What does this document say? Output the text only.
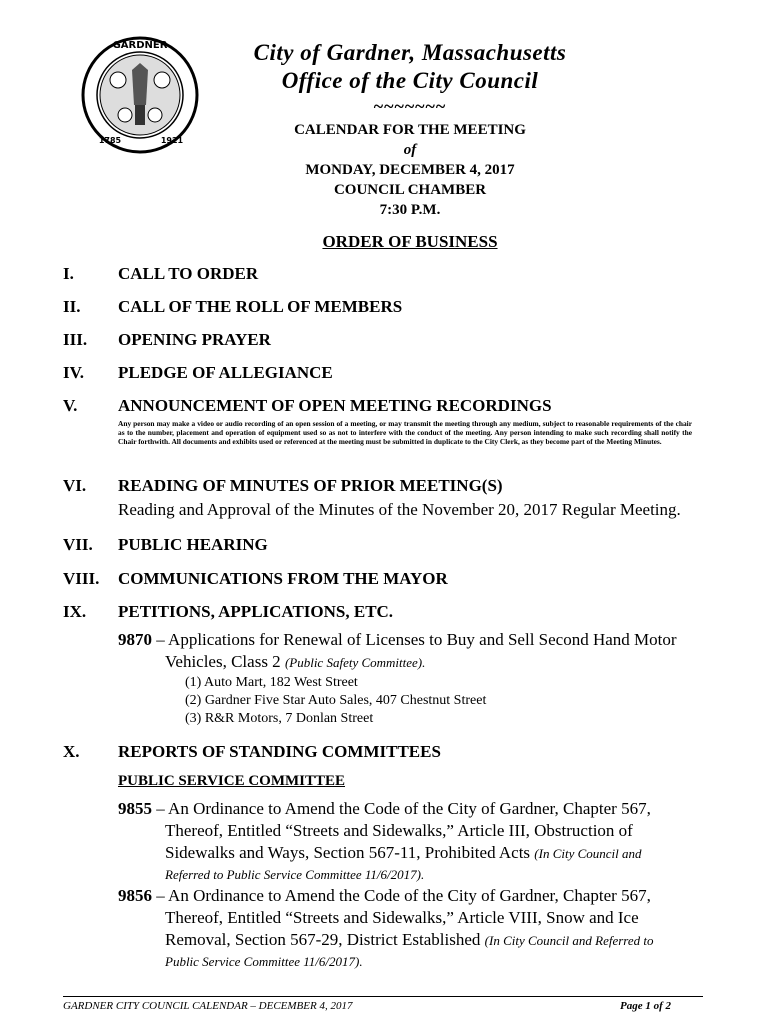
GARDNER
1785	1921
City of Gardner, Massachusetts
Office of the City Council
~~~~~~~
CALENDAR FOR THE MEETING
of
MONDAY, DECEMBER 4, 2017
COUNCIL CHAMBER
7:30 P.M.
ORDER OF BUSINESS
I.	CALL TO ORDER
II. CALL OF THE ROLL OF MEMBERS
III. OPENING PRAYER
IV. PLEDGE OF ALLEGIANCE
V. ANNOUNCEMENT OF OPEN MEETING RECORDINGS
Any person may make a video or audio recording of an open session of a meeting, or may transmit the meeting through any medium, subject to reasonable requirements of the chair as to the number, placement and operation of equipment used so as not to interfere with the conduct of the meeting. Any person intending to make such recording shall notify the Chair forthwith. All documents and exhibits used or referenced at the meeting must be submitted in duplicate to the City Clerk, as they become part of the Meeting Minutes.
VI. READING OF MINUTES OF PRIOR MEETING(S)
Reading and Approval of the Minutes of the November 20, 2017 Regular Meeting.
VII. PUBLIC HEARING
VIII. COMMUNICATIONS FROM THE MAYOR
IX. PETITIONS, APPLICATIONS, ETC.
9870 – Applications for Renewal of Licenses to Buy and Sell Second Hand Motor
Vehicles, Class 2 (Public Safety Committee).
(1) Auto Mart, 182 West Street
(2) Gardner Five Star Auto Sales, 407 Chestnut Street
(3) R&R Motors, 7 Donlan Street
X. REPORTS OF STANDING COMMITTEES
PUBLIC SERVICE COMMITTEE
9855 – An Ordinance to Amend the Code of the City of Gardner, Chapter 567,
Thereof, Entitled “Streets and Sidewalks,” Article III, Obstruction of
Sidewalks and Ways, Section 567-11, Prohibited Acts (In City Council and
Referred to Public Service Committee 11/6/2017).
9856 – An Ordinance to Amend the Code of the City of Gardner, Chapter 567,
Thereof, Entitled “Streets and Sidewalks,” Article VIII, Snow and Ice
Removal, Section 567-29, District Established (In City Council and Referred to
Public Service Committee 11/6/2017).
GARDNER CITY COUNCIL CALENDAR – DECEMBER 4, 2017	Page 1 of 2
